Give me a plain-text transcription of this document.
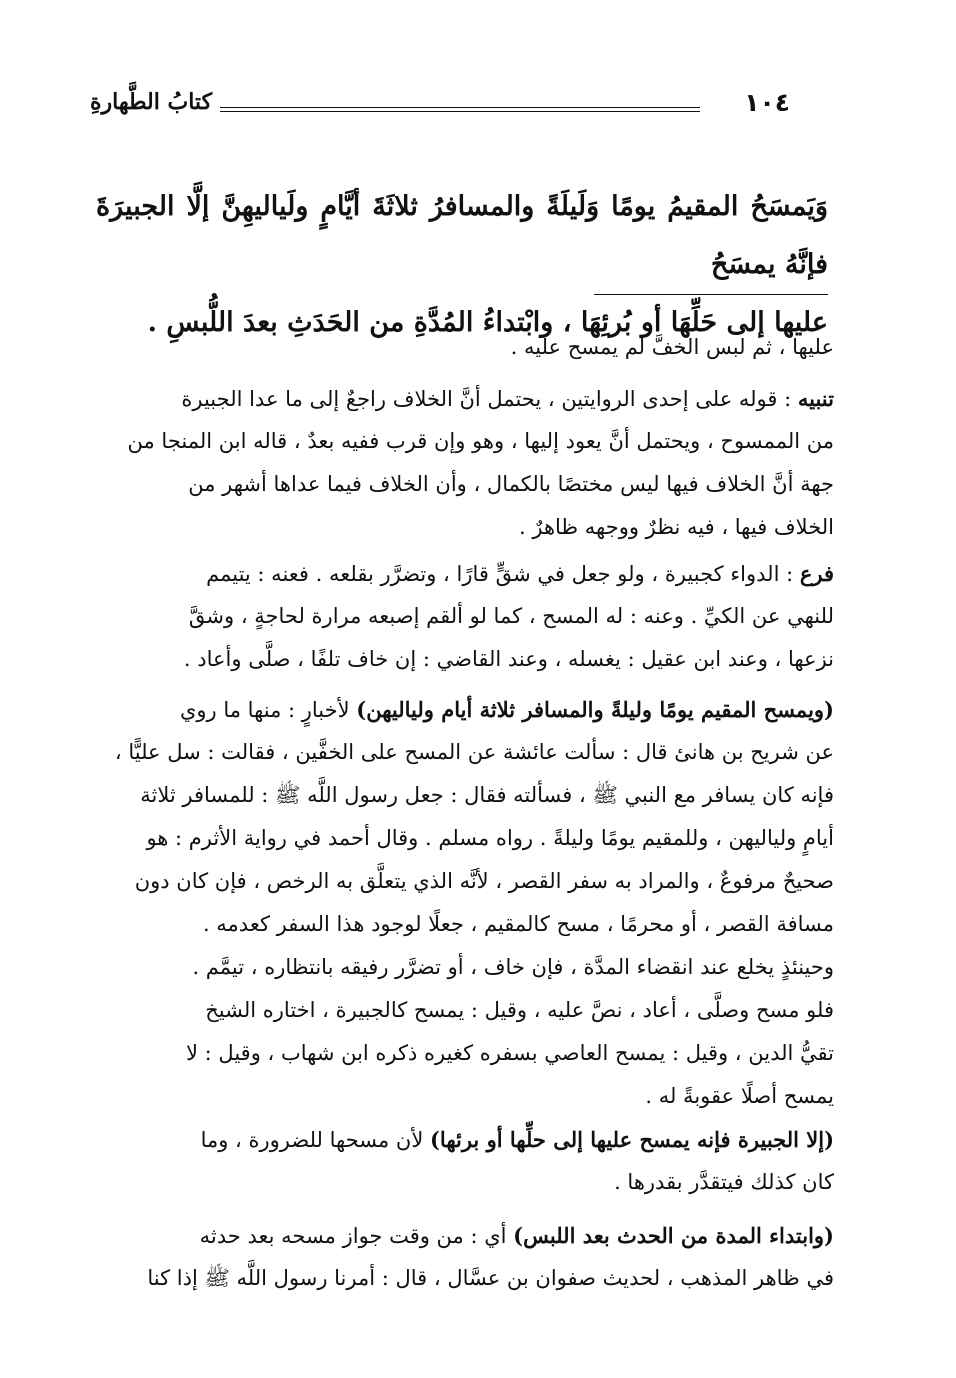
١٠٤
كتابُ الطَّهارةِ
وَيَمسَحُ المقيمُ يومًا وَلَيلَةً والمسافرُ ثلاثَةَ أيَّامٍ ولَياليهِنَّ إلَّا الجبيرَةَ فإنَّهُ يمسَحُ
عليها إلى حَلِّهَا أو بُرئِهَا ، وابْتداءُ المُدَّةِ من الحَدَثِ بعدَ اللُّبسِ .
عليها ، ثم لبس الخفَّ لم يمسح عليه .
تنبيه : قوله على إحدى الروايتين ، يحتمل أنَّ الخلاف راجعٌ إلى ما عدا الجبيرة
من الممسوح ، ويحتمل أنَّ يعود إليها ، وهو وإن قرب ففيه بعدٌ ، قاله ابن المنجا من
جهة أنَّ الخلاف فيها ليس مختصًا بالكمال ، وأن الخلاف فيما عداها أشهر من
الخلاف فيها ، فيه نظرٌ ووجهه ظاهرٌ .
فرع : الدواء كجبيرة ، ولو جعل في شقٍّ قارًا ، وتضرَّر بقلعه . فعنه : يتيمم
للنهي عن الكيِّ . وعنه : له المسح ، كما لو ألقم إصبعه مرارة لحاجةٍ ، وشقَّ
نزعها ، وعند ابن عقيل : يغسله ، وعند القاضي : إن خاف تلفًا ، صلَّى وأعاد .
(ويمسح المقيم يومًا وليلةً والمسافر ثلاثة أيام ولياليهن) لأخبارٍ : منها ما روي
عن شريح بن هانئ قال : سألت عائشة عن المسح على الخفَّين ، فقالت : سل عليًّا ،
فإنه كان يسافر مع النبي ﷺ ، فسألته فقال : جعل رسول اللَّه ﷺ : للمسافر ثلاثة
أيامٍ ولياليهن ، وللمقيم يومًا وليلةً . رواه مسلم . وقال أحمد في رواية الأثرم : هو
صحيحٌ مرفوعٌ ، والمراد به سفر القصر ، لأنَّه الذي يتعلَّق به الرخص ، فإن كان دون
مسافة القصر ، أو محرمًا ، مسح كالمقيم ، جعلًا لوجود هذا السفر كعدمه .
وحينئذٍ يخلع عند انقضاء المدَّة ، فإن خاف ، أو تضرَّر رفيقه بانتظاره ، تيمَّم .
فلو مسح وصلَّى ، أعاد ، نصَّ عليه ، وقيل : يمسح كالجبيرة ، اختاره الشيخ
تقيُّ الدين ، وقيل : يمسح العاصي بسفره كغيره ذكره ابن شهاب ، وقيل : لا
يمسح أصلًا عقوبةً له .
(إلا الجبيرة فإنه يمسح عليها إلى حلِّها أو برئها) لأن مسحها للضرورة ، وما
كان كذلك فيتقدَّر بقدرها .
(وابتداء المدة من الحدث بعد اللبس) أي : من وقت جواز مسحه بعد حدثه
في ظاهر المذهب ، لحديث صفوان بن عسَّال ، قال : أمرنا رسول اللَّه ﷺ إذا كنا
